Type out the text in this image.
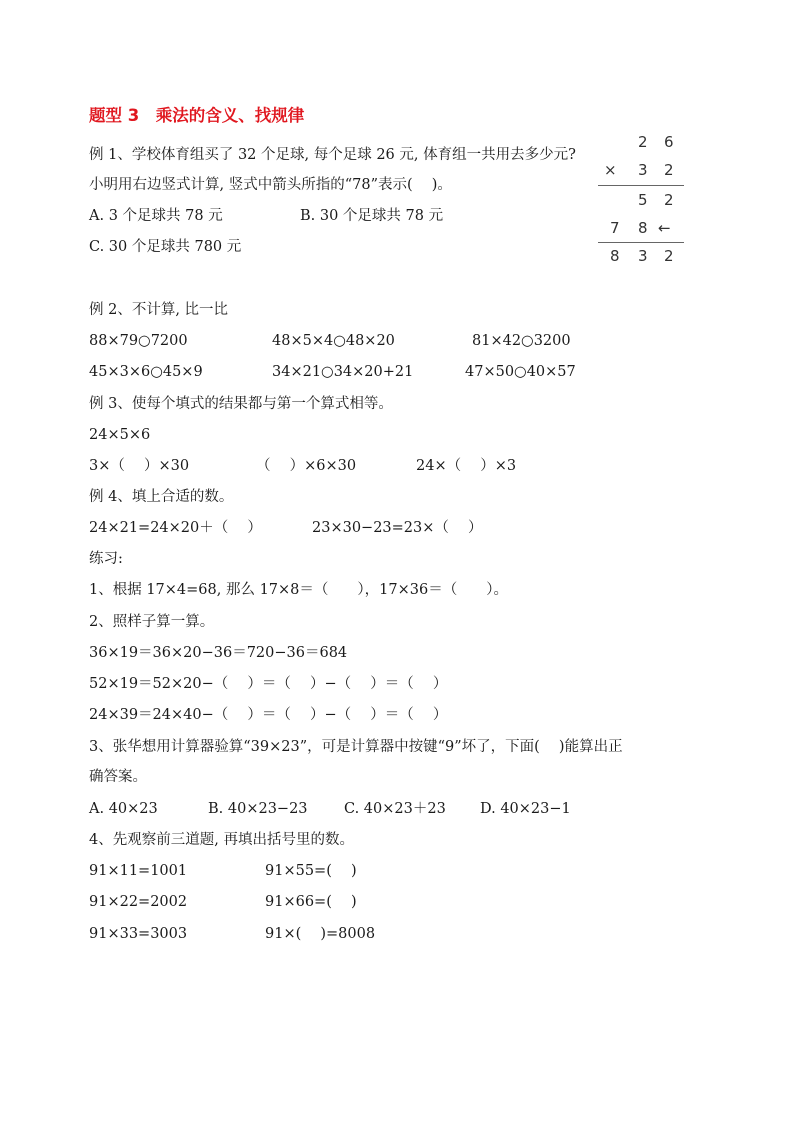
题型 3　乘法的含义、找规律
例 1、学校体育组买了 32 个足球, 每个足球 26 元, 体育组一共用去多少元?
小明用右边竖式计算, 竖式中箭头所指的“78”表示(　 )。
A. 3 个足球共 78 元	B. 30 个足球共 78 元
C. 30 个足球共 780 元
2 6
× 3 2
5 2
7 8 ←
8 3 2
例 2、不计算, 比一比
88×79○7200	48×5×4○48×20	81×42○3200
45×3×6○45×9	34×21○34×20+21	47×50○40×57
例 3、使每个填式的结果都与第一个算式相等。
24×5×6
3×（　 ）×30	（　 ）×6×30	24×（　 ）×3
例 4、填上合适的数。
24×21=24×20＋（　 ）	23×30−23=23×（　 ）
练习:
1、根据 17×4=68, 那么 17×8＝（　　），17×36＝（　　）。
2、照样子算一算。
36×19＝36×20−36＝720−36＝684
52×19＝52×20−（　 ）＝（　 ）−（　 ）＝（　 ）
24×39＝24×40−（　 ）＝（　 ）−（　 ）＝（　 ）
3、张华想用计算器验算“39×23”，可是计算器中按键“9”坏了，下面(　 )能算出正
确答案。
A. 40×23	B. 40×23−23	C. 40×23＋23 D. 40×23−1
4、先观察前三道题, 再填出括号里的数。
91×11=1001	91×55=(　 )
91×22=2002	91×66=(　 )
91×33=3003	91×(　 )=8008
